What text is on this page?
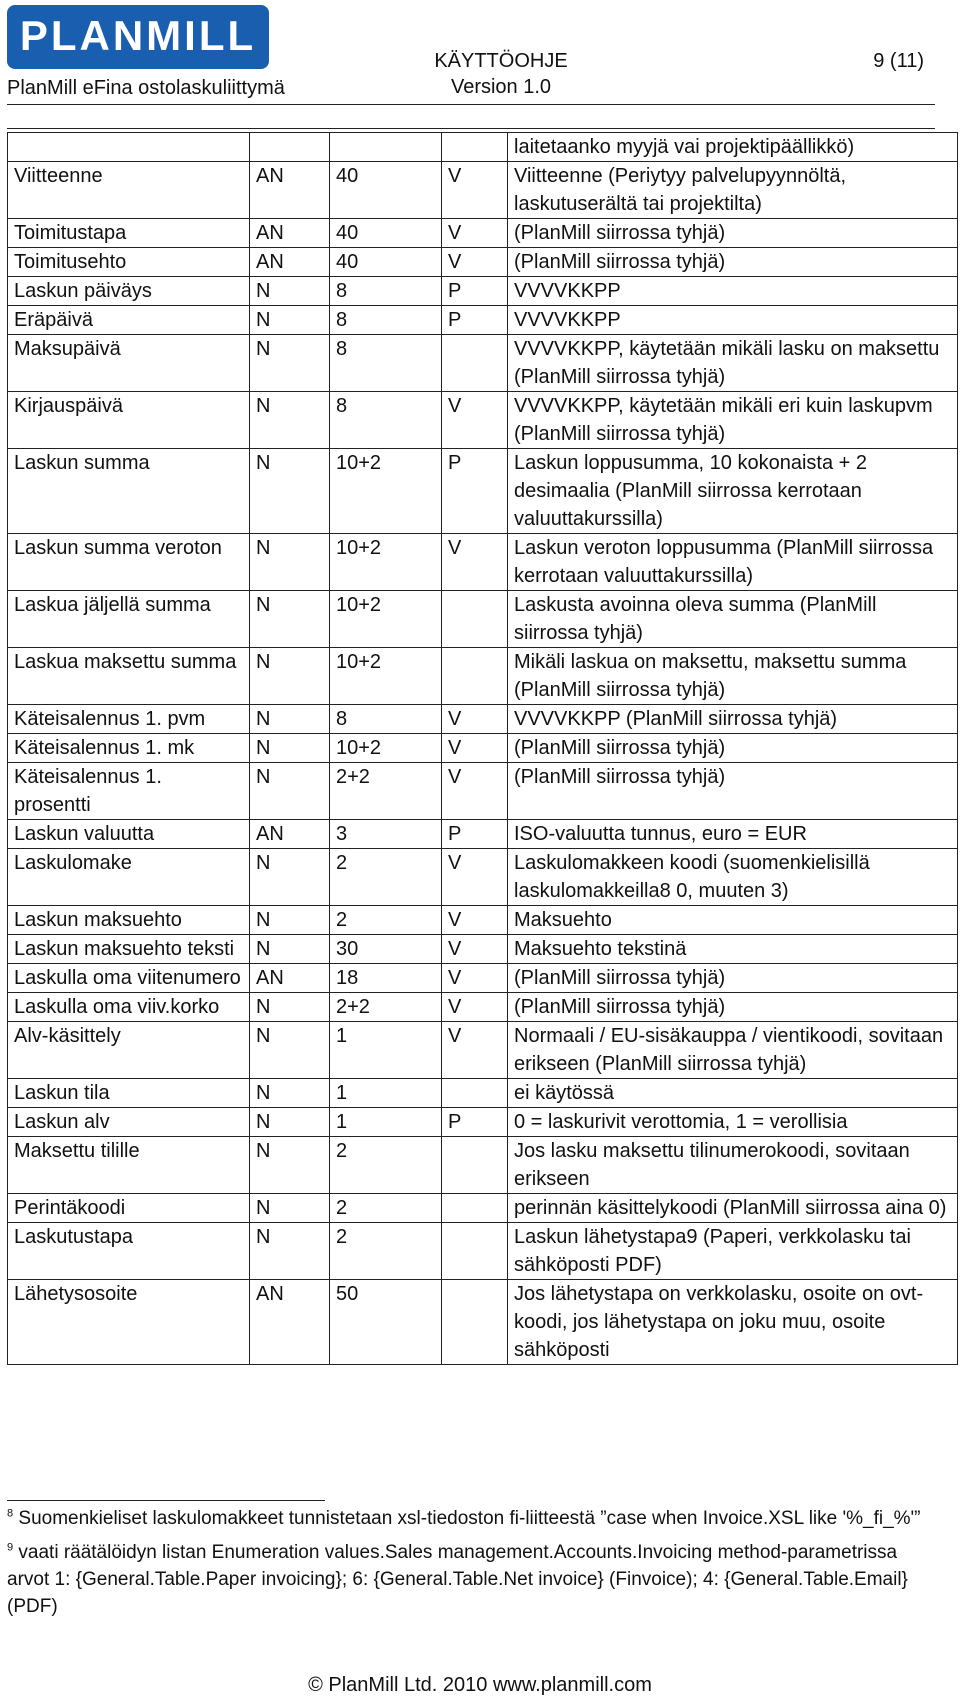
PLANMILL
PlanMill eFina ostolaskuliittymä
KÄYTTÖOHJE
Version 1.0
9 (11)
				laitetaanko myyjä vai projektipäällikkö)
Viitteenne	AN	40	V	Viitteenne (Periytyy palvelupyynnöltä, laskutuserältä tai projektilta)
Toimitustapa	AN	40	V	(PlanMill siirrossa tyhjä)
Toimitusehto	AN	40	V	(PlanMill siirrossa tyhjä)
Laskun päiväys	N	8	P	VVVVKKPP
Eräpäivä	N	8	P	VVVVKKPP
Maksupäivä	N	8		VVVVKKPP, käytetään mikäli lasku on maksettu (PlanMill siirrossa tyhjä)
Kirjauspäivä	N	8	V	VVVVKKPP, käytetään mikäli eri kuin laskupvm (PlanMill siirrossa tyhjä)
Laskun summa	N	10+2	P	Laskun loppusumma, 10 kokonaista + 2 desimaalia (PlanMill siirrossa kerrotaan valuuttakurssilla)
Laskun summa veroton	N	10+2	V	Laskun veroton loppusumma (PlanMill siirrossa kerrotaan valuuttakurssilla)
Laskua jäljellä summa	N	10+2		Laskusta avoinna oleva summa (PlanMill siirrossa tyhjä)
Laskua maksettu summa	N	10+2		Mikäli laskua on maksettu, maksettu summa (PlanMill siirrossa tyhjä)
Käteisalennus 1. pvm	N	8	V	VVVVKKPP (PlanMill siirrossa tyhjä)
Käteisalennus 1. mk	N	10+2	V	(PlanMill siirrossa tyhjä)
Käteisalennus 1. prosentti	N	2+2	V	(PlanMill siirrossa tyhjä)
Laskun valuutta	AN	3	P	ISO-valuutta tunnus, euro = EUR
Laskulomake	N	2	V	Laskulomakkeen koodi (suomenkielisillä laskulomakkeilla8 0, muuten 3)
Laskun maksuehto	N	2	V	Maksuehto
Laskun maksuehto teksti	N	30	V	Maksuehto tekstinä
Laskulla oma viitenumero	AN	18	V	(PlanMill siirrossa tyhjä)
Laskulla oma viiv.korko	N	2+2	V	(PlanMill siirrossa tyhjä)
Alv-käsittely	N	1	V	Normaali / EU-sisäkauppa / vientikoodi, sovitaan erikseen (PlanMill siirrossa tyhjä)
Laskun tila	N	1		ei käytössä
Laskun alv	N	1	P	0 = laskurivit verottomia, 1 = verollisia
Maksettu tilille	N	2		Jos lasku maksettu tilinumerokoodi, sovitaan erikseen
Perintäkoodi	N	2		perinnän käsittelykoodi (PlanMill siirrossa aina 0)
Laskutustapa	N	2		Laskun lähetystapa9 (Paperi, verkkolasku tai sähköposti PDF)
Lähetysosoite	AN	50		Jos lähetystapa on verkkolasku, osoite on ovt-koodi, jos lähetystapa on joku muu, osoite sähköposti
$^8$ Suomenkieliset laskulomakkeet tunnistetaan xsl-tiedoston fi-liitteestä ”case when Invoice.XSL like '%_fi_%'”
$^9$ vaati räätälöidyn listan Enumeration values.Sales management.Accounts.Invoicing method-parametrissa arvot 1: {General.Table.Paper invoicing}; 6: {General.Table.Net invoice} (Finvoice); 4: {General.Table.Email} (PDF)
© PlanMill Ltd. 2010 www.planmill.com
